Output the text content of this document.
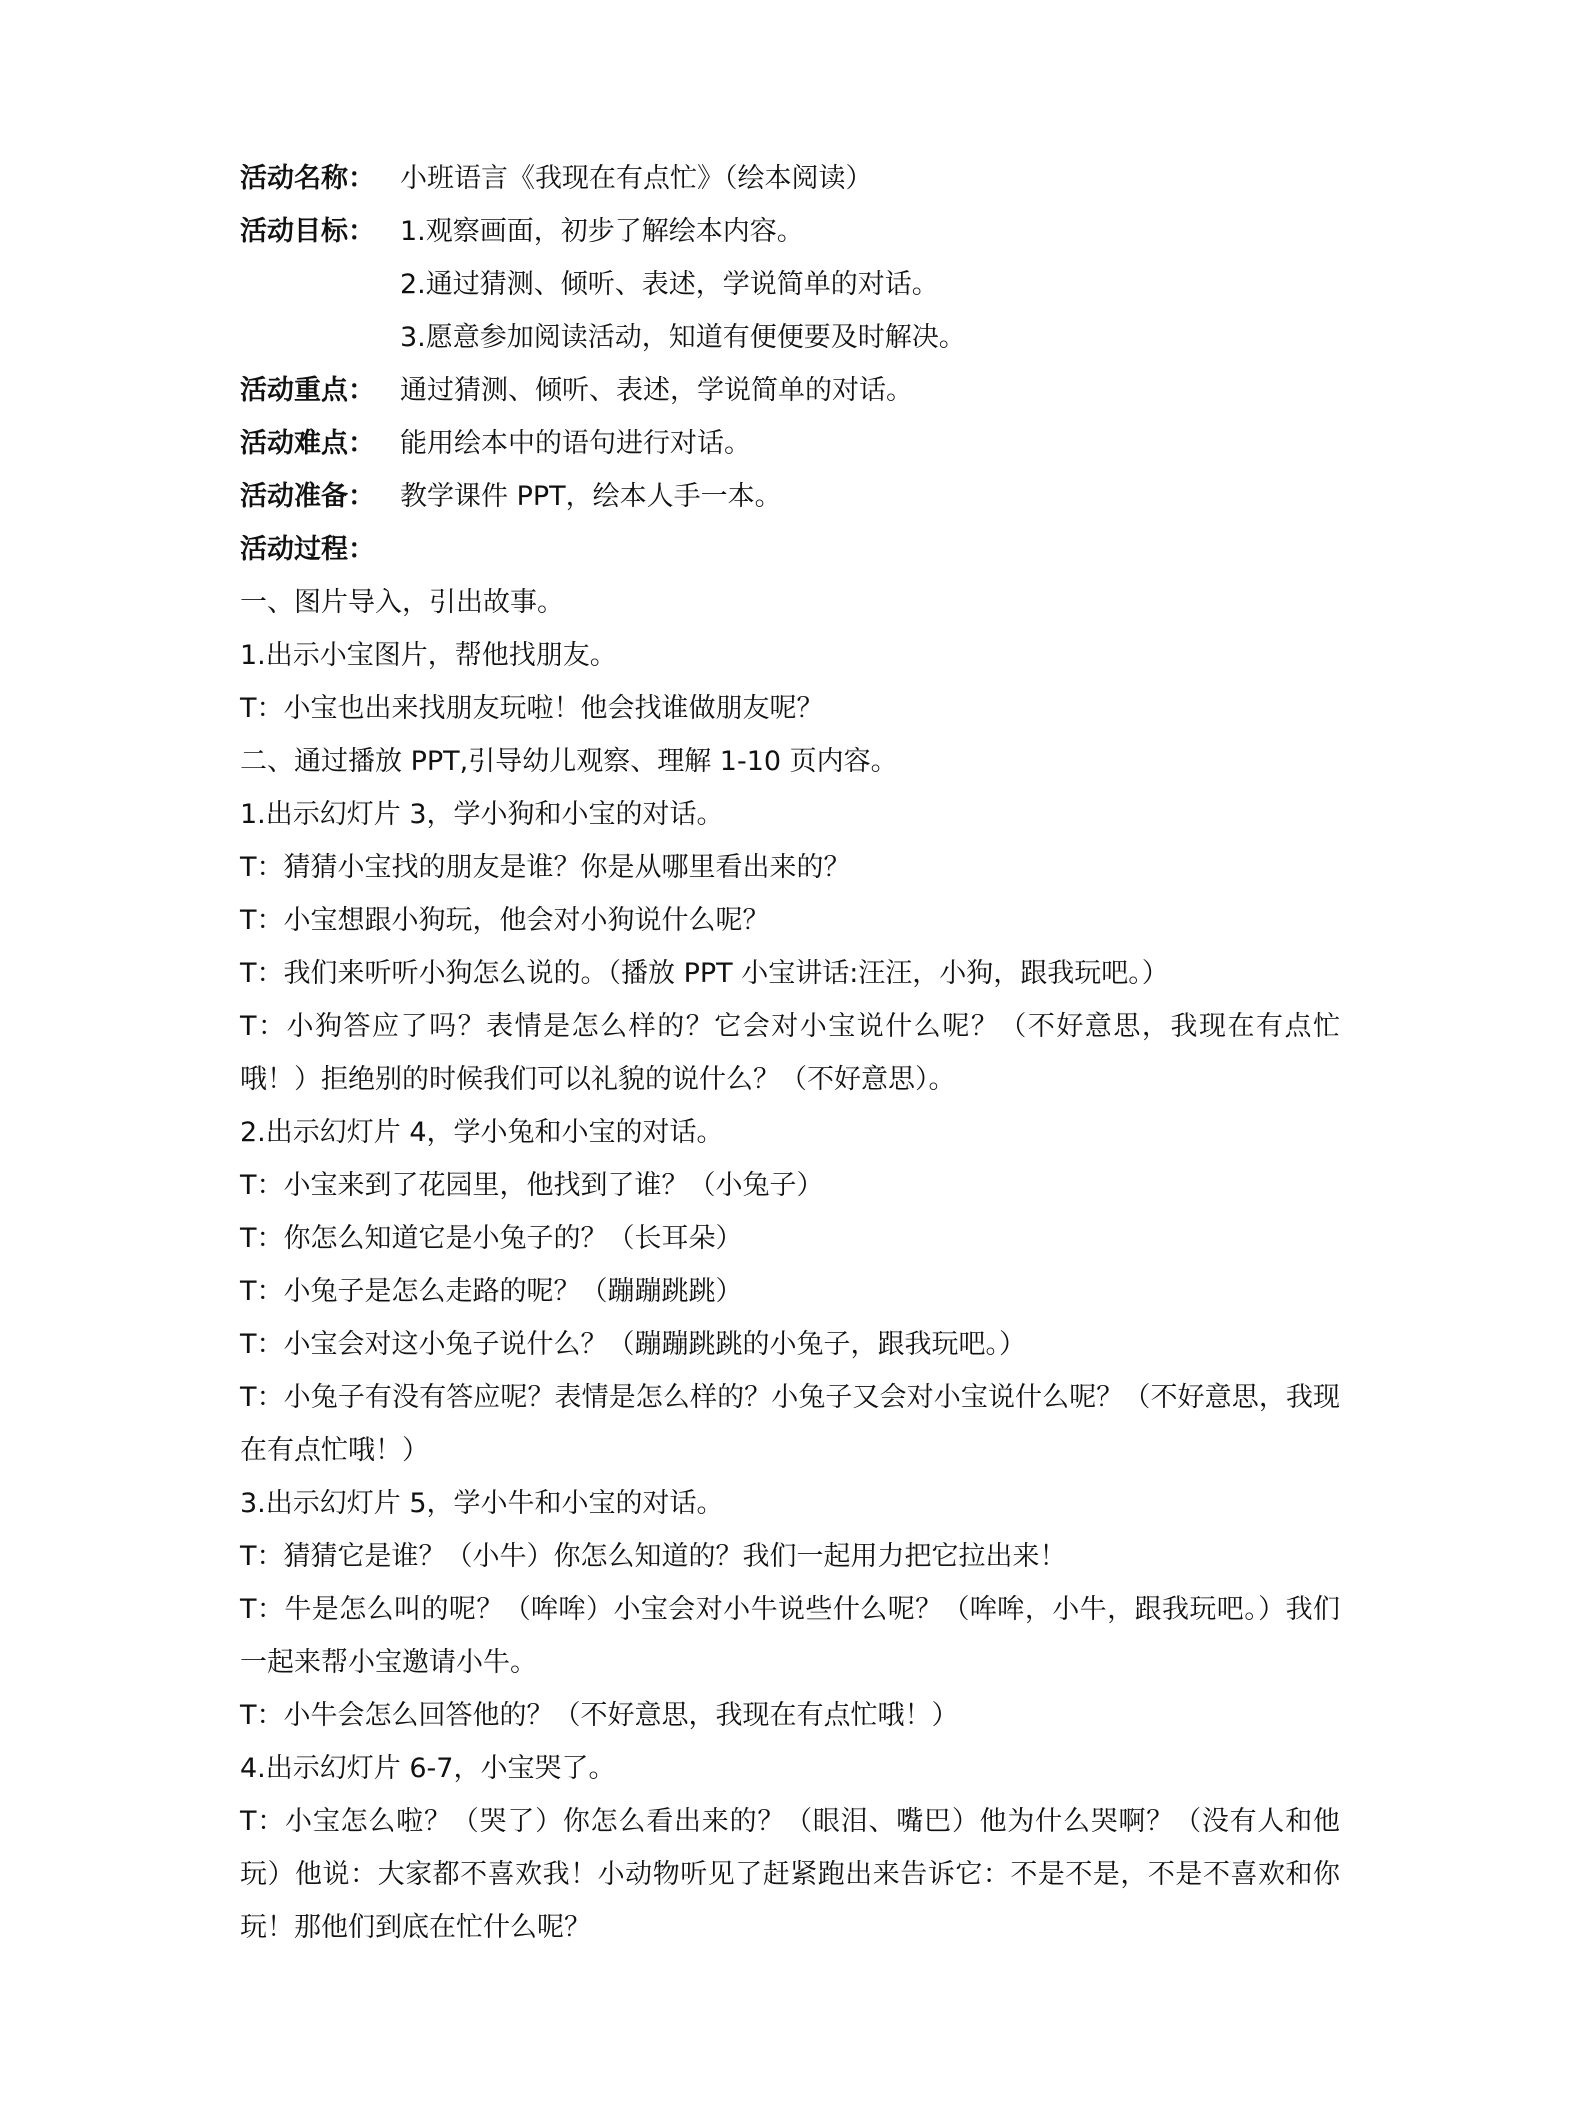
活动名称： 小班语言《我现在有点忙》（绘本阅读）
活动目标： 1.观察画面，初步了解绘本内容。
2.通过猜测、倾听、表述，学说简单的对话。
3.愿意参加阅读活动，知道有便便要及时解决。
活动重点： 通过猜测、倾听、表述，学说简单的对话。
活动难点： 能用绘本中的语句进行对话。
活动准备： 教学课件 PPT，绘本人手一本。
活动过程：
一、图片导入，引出故事。
1.出示小宝图片，帮他找朋友。
T：小宝也出来找朋友玩啦！他会找谁做朋友呢？
二、通过播放 PPT,引导幼儿观察、理解 1-10 页内容。
1.出示幻灯片 3，学小狗和小宝的对话。
T：猜猜小宝找的朋友是谁？你是从哪里看出来的？
T：小宝想跟小狗玩，他会对小狗说什么呢？
T：我们来听听小狗怎么说的。（播放 PPT 小宝讲话:汪汪，小狗，跟我玩吧。）
T：小狗答应了吗？表情是怎么样的？它会对小宝说什么呢？（不好意思，我现在有点忙哦！）拒绝别的时候我们可以礼貌的说什么？（不好意思）。
2.出示幻灯片 4，学小兔和小宝的对话。
T：小宝来到了花园里，他找到了谁？（小兔子）
T：你怎么知道它是小兔子的？（长耳朵）
T：小兔子是怎么走路的呢？（蹦蹦跳跳）
T：小宝会对这小兔子说什么？（蹦蹦跳跳的小兔子，跟我玩吧。）
T：小兔子有没有答应呢？表情是怎么样的？小兔子又会对小宝说什么呢？（不好意思，我现在有点忙哦！）
3.出示幻灯片 5，学小牛和小宝的对话。
T：猜猜它是谁？（小牛）你怎么知道的？我们一起用力把它拉出来！
T：牛是怎么叫的呢？（哞哞）小宝会对小牛说些什么呢？（哞哞，小牛，跟我玩吧。）我们一起来帮小宝邀请小牛。
T：小牛会怎么回答他的？（不好意思，我现在有点忙哦！）
4.出示幻灯片 6-7，小宝哭了。
T：小宝怎么啦？（哭了）你怎么看出来的？（眼泪、嘴巴）他为什么哭啊？（没有人和他玩）他说：大家都不喜欢我！小动物听见了赶紧跑出来告诉它：不是不是，不是不喜欢和你玩！那他们到底在忙什么呢？
